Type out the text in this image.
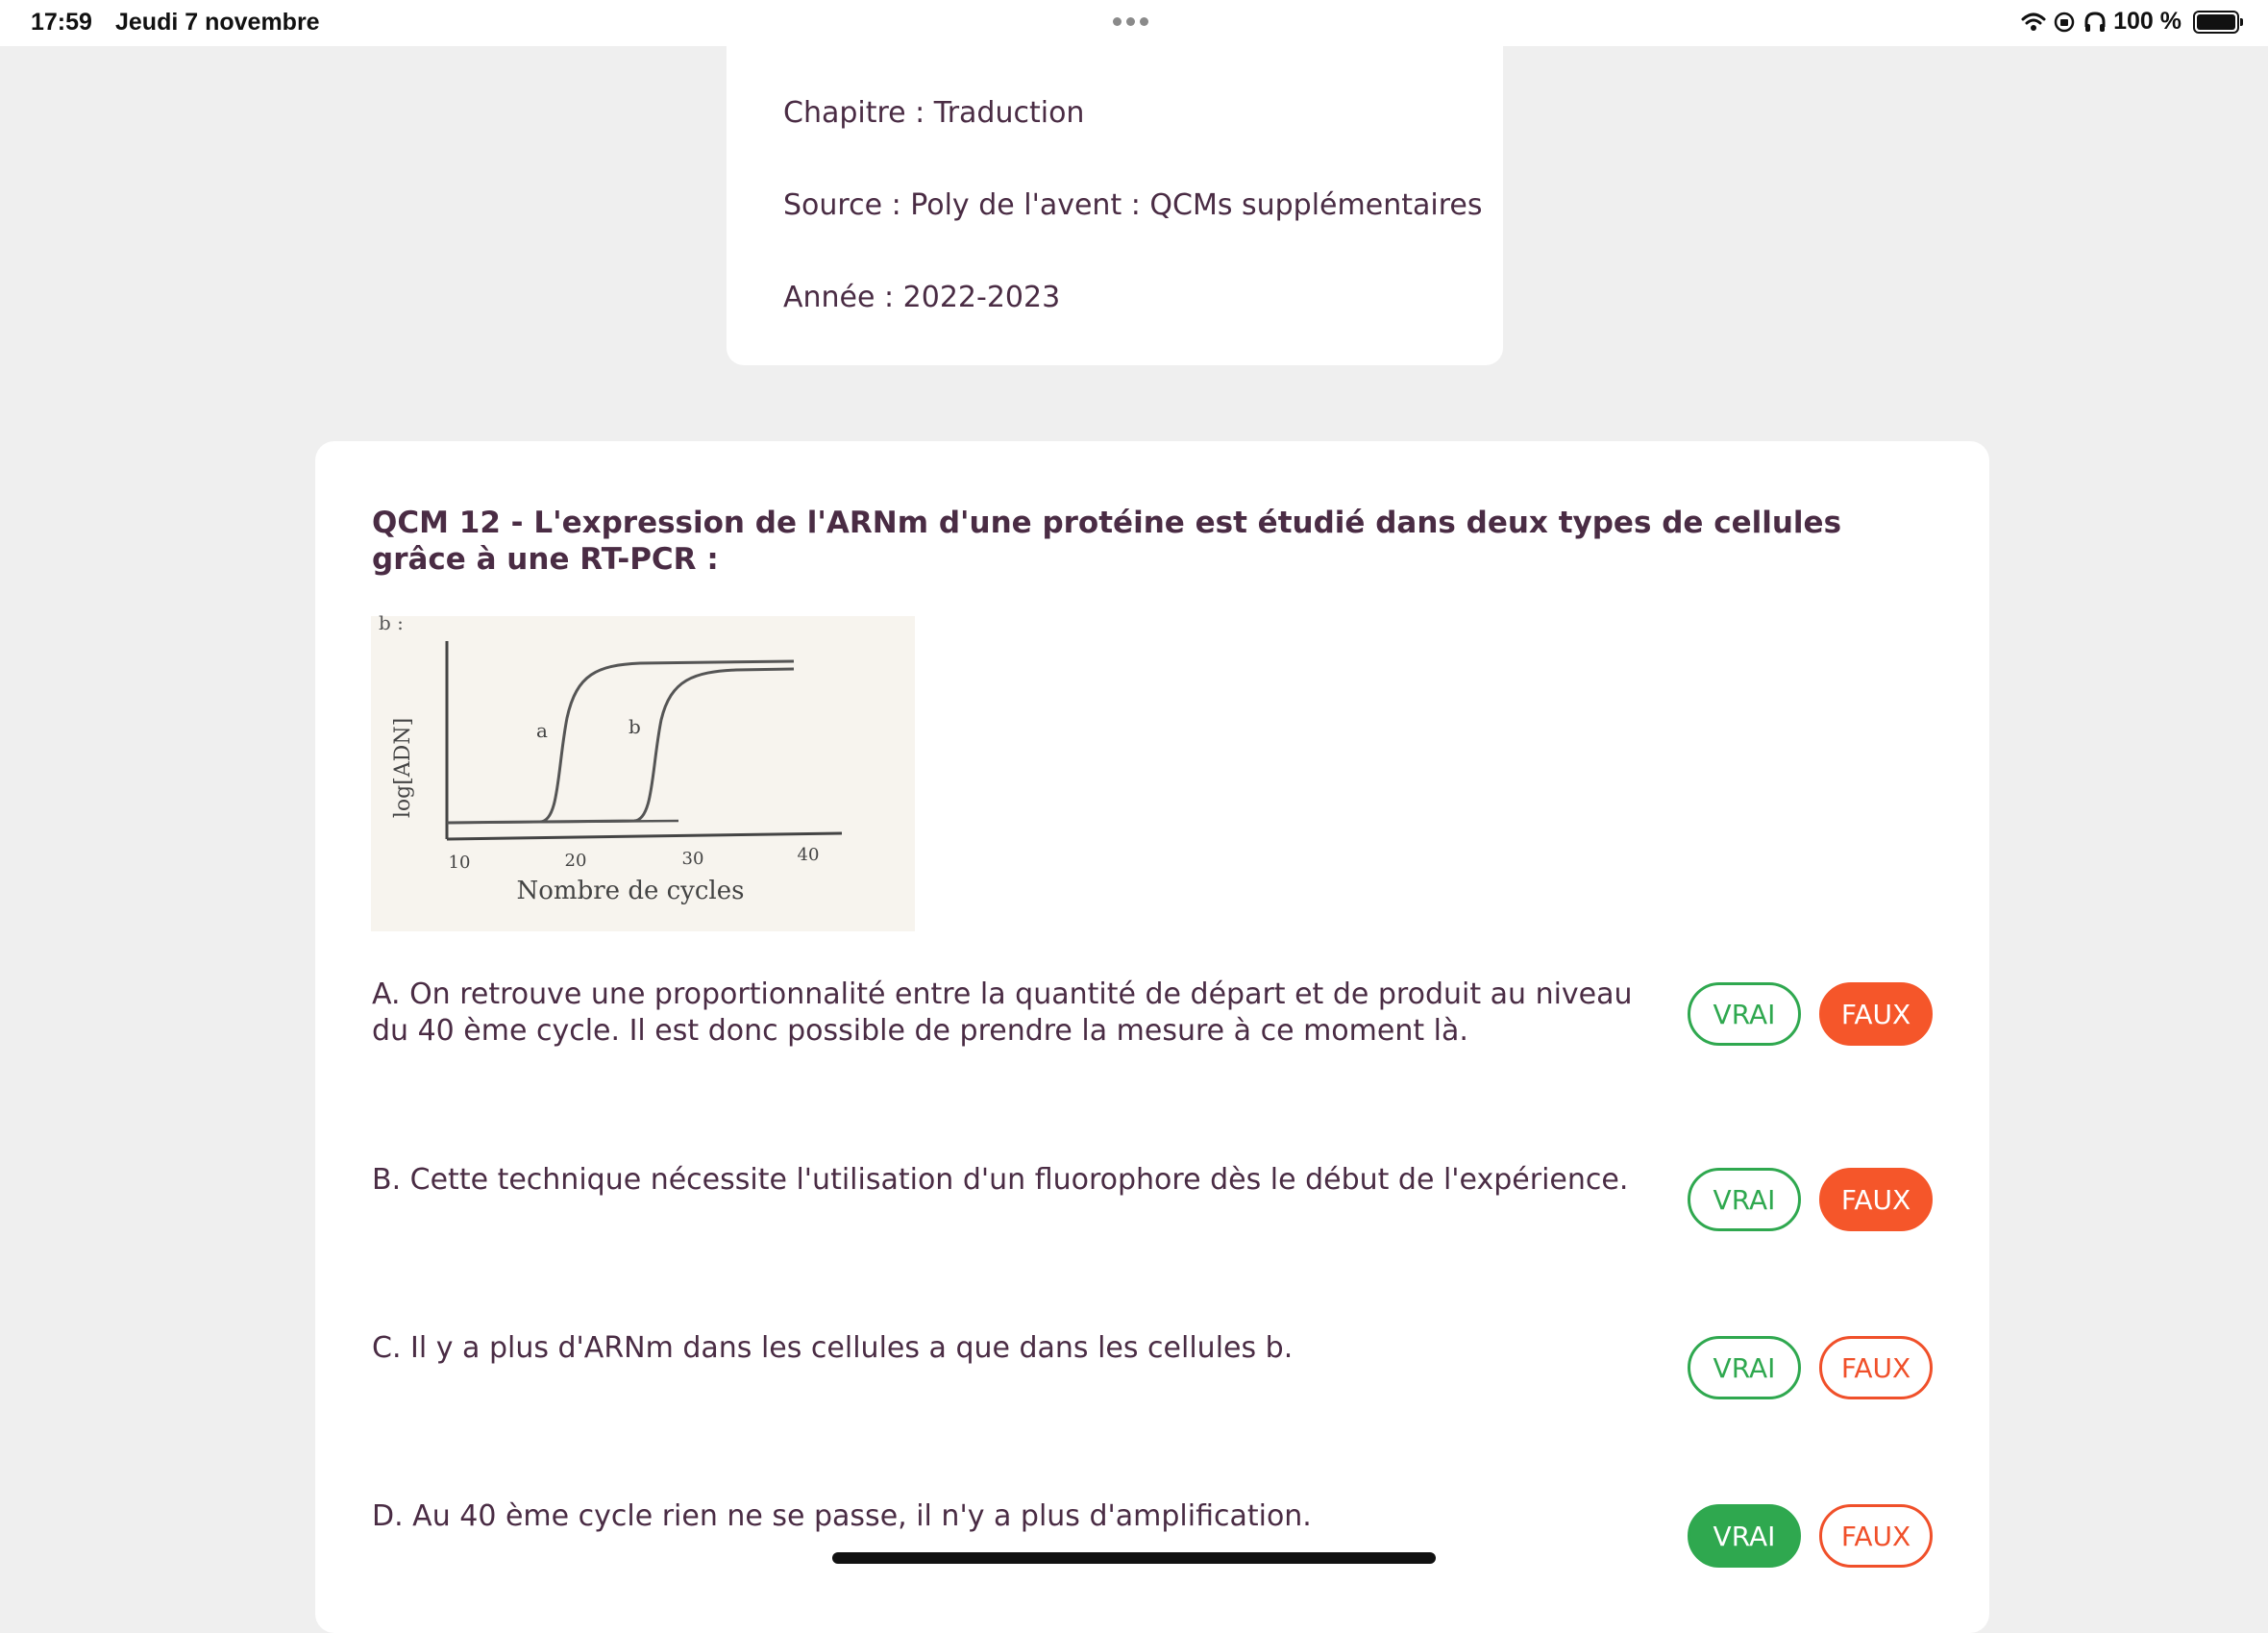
17:59 Jeudi 7 novembre	100 %
Chapitre : Traduction
Source : Poly de l'avent : QCMs supplémentaires
Année : 2022-2023
QCM 12 - L'expression de l'ARNm d'une protéine est étudié dans deux types de cellules grâce à une RT-PCR :
b :
a	b
log[ADN]
10	20	30	40
Nombre de cycles
A. On retrouve une proportionnalité entre la quantité de départ et de produit au niveau du 40 ème cycle. Il est donc possible de prendre la mesure à ce moment là.	VRAI	FAUX
B. Cette technique nécessite l'utilisation d'un fluorophore dès le début de l'expérience.
VRAI	FAUX
C. Il y a plus d'ARNm dans les cellules a que dans les cellules b.
VRAI	FAUX
D. Au 40 ème cycle rien ne se passe, il n'y a plus d'amplification.
VRAI	FAUX
